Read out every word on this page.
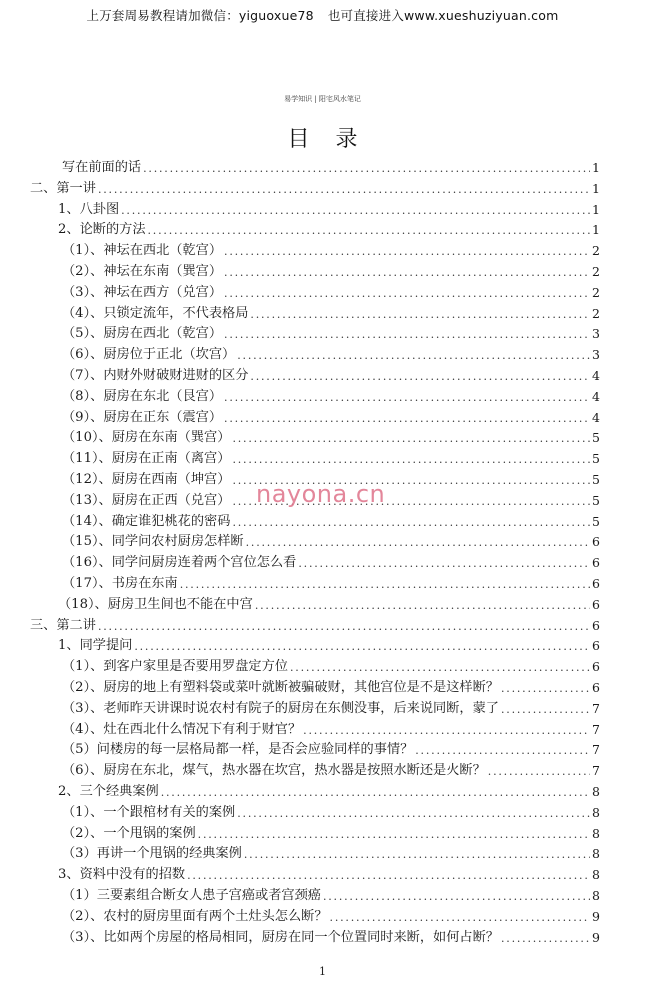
上万套周易教程请加微信：yiguoxue78 也可直接进入www.xueshuziyuan.com
易学知识 | 阳宅风水笔记
目录
写在前面的话 .....	1
二、第一讲 .....	1
1、八卦图 .....	1
2、论断的方法 .....	1
（1）、神坛在西北（乾宫） .....	2
（2）、神坛在东南（巽宫） .....	2
（3）、神坛在西方（兑宫） .....	2
（4）、只锁定流年，不代表格局 .....	2
（5）、厨房在西北（乾宫） .....	3
（6）、厨房位于正北（坎宫） .....	3
（7）、内财外财破财进财的区分 .....	4
（8）、厨房在东北（艮宫） .....	4
（9）、厨房在正东（震宫） .....	4
（10）、厨房在东南（巽宫） .....	5
（11）、厨房在正南（离宫） .....	5
（12）、厨房在西南（坤宫） .....	5
（13）、厨房在正西（兑宫） .....	5
（14）、确定谁犯桃花的密码 .....	5
（15）、同学问农村厨房怎样断 .....	6
（16）、同学问厨房连着两个宫位怎么看 .....	6
（17）、书房在东南 .....	6
（18）、厨房卫生间也不能在中宫 .....	6
三、第二讲 .....	6
1、同学提问 .....	6
（1）、到客户家里是否要用罗盘定方位 .....	6
（2）、厨房的地上有塑料袋或菜叶就断被骗破财，其他宫位是不是这样断？ .....	6
（3）、老师昨天讲课时说农村有院子的厨房在东侧没事，后来说同断，蒙了 .....	7
（4）、灶在西北什么情况下有利于财官？ .....	7
（5）问楼房的每一层格局都一样，是否会应验同样的事情？ .....	7
（6）、厨房在东北，煤气，热水器在坎宫，热水器是按照水断还是火断？ .....	7
2、三个经典案例 .....	8
（1）、一个跟棺材有关的案例 .....	8
（2）、一个甩锅的案例 .....	8
（3）再讲一个甩锅的经典案例 .....	8
3、资料中没有的招数 .....	8
（1）三要素组合断女人患子宫癌或者宫颈癌 .....	8
（2）、农村的厨房里面有两个土灶头怎么断？ .....	9
（3）、比如两个房屋的格局相同，厨房在同一个位置同时来断，如何占断？ .....	9
nayona.cn
1
